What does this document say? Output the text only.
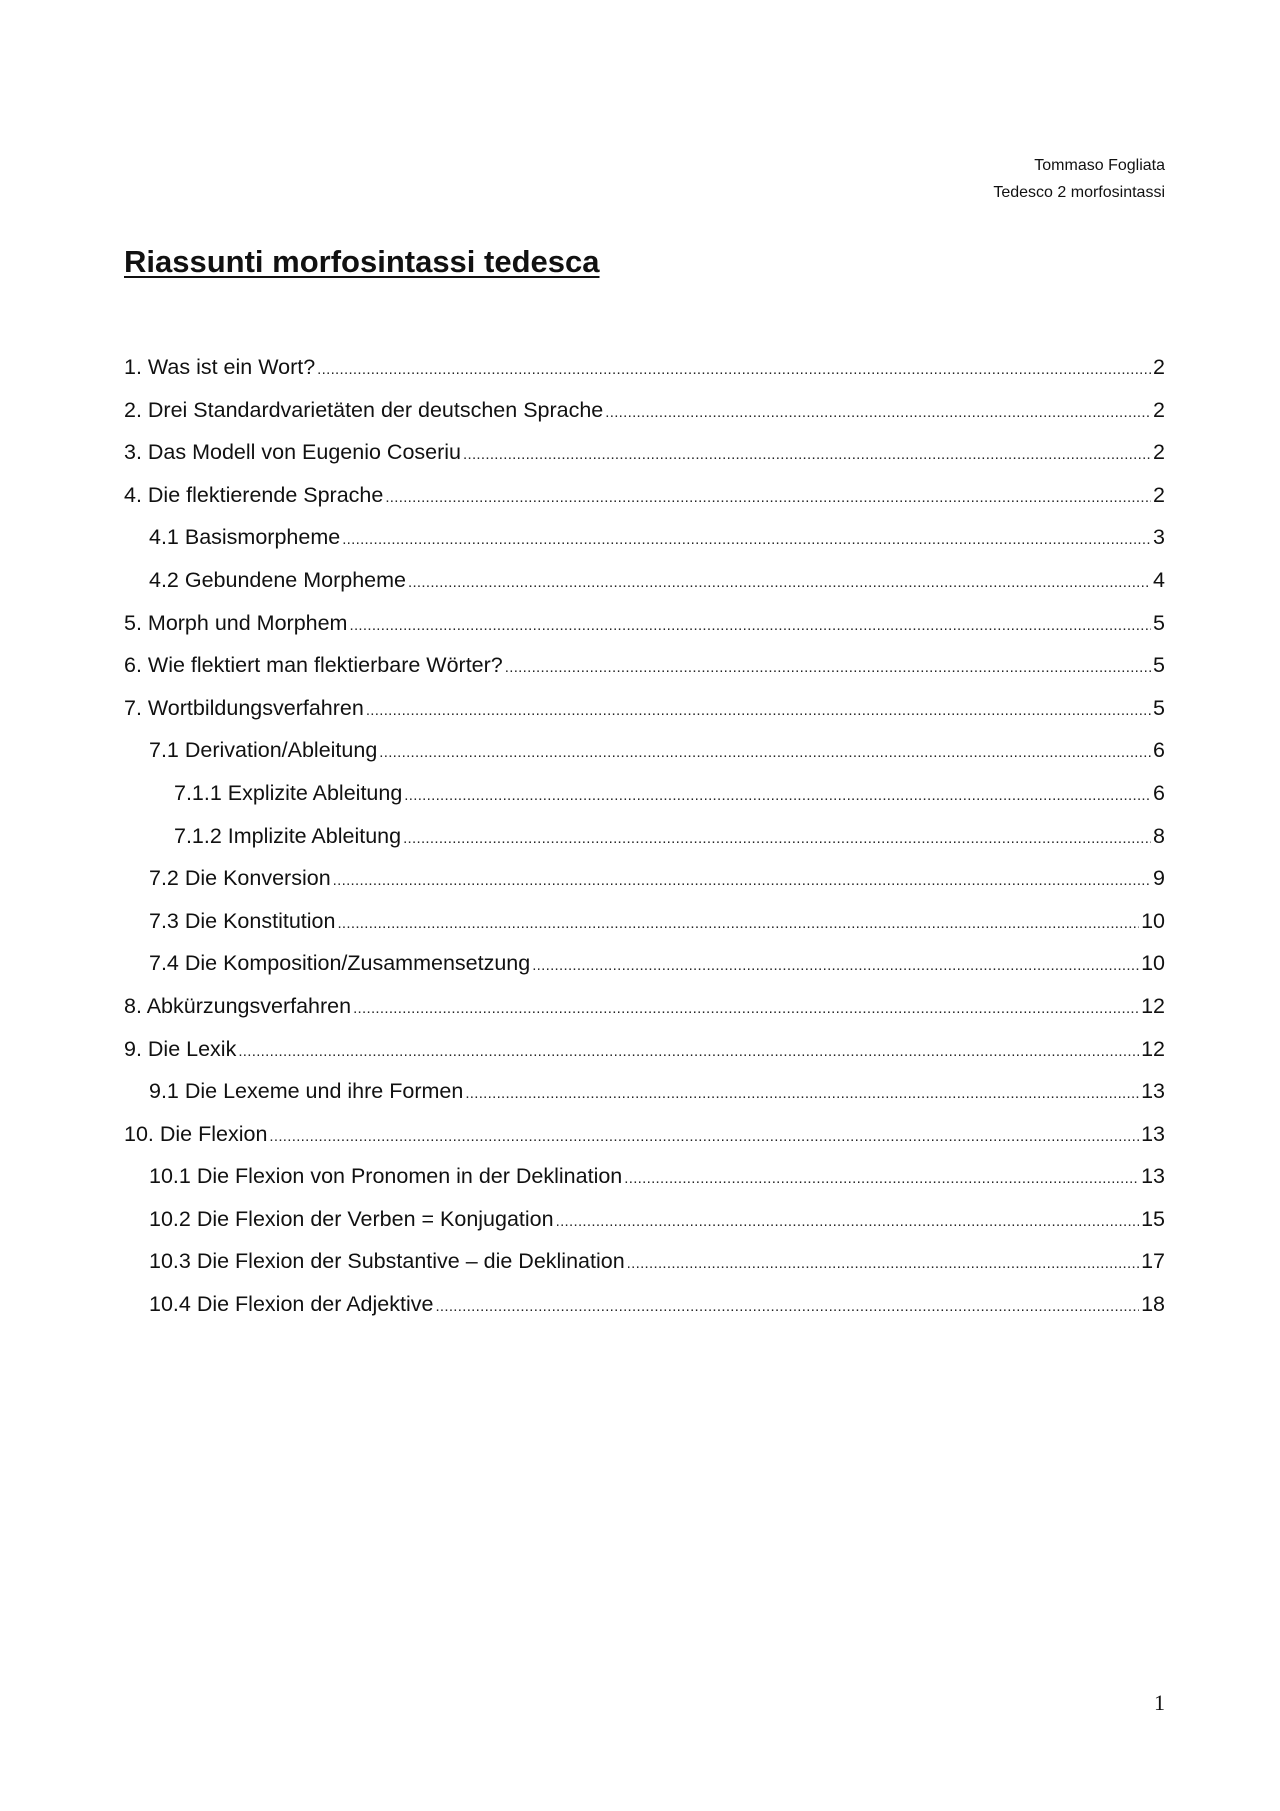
Tommaso Fogliata
Tedesco 2 morfosintassi
Riassunti morfosintassi tedesca
1. Was ist ein Wort? .....	2
2. Drei Standardvarietäten der deutschen Sprache .....	2
3. Das Modell von Eugenio Coseriu .....	2
4. Die flektierende Sprache .....	2
4.1 Basismorpheme .....	3
4.2 Gebundene Morpheme .....	4
5. Morph und Morphem .....	5
6. Wie flektiert man flektierbare Wörter? .....	5
7. Wortbildungsverfahren .....	5
7.1 Derivation/Ableitung .....	6
7.1.1 Explizite Ableitung .....	6
7.1.2 Implizite Ableitung .....	8
7.2 Die Konversion .....	9
7.3 Die Konstitution .....	10
7.4 Die Komposition/Zusammensetzung .....	10
8. Abkürzungsverfahren .....	12
9. Die Lexik .....	12
9.1 Die Lexeme und ihre Formen .....	13
10. Die Flexion .....	13
10.1 Die Flexion von Pronomen in der Deklination .....	13
10.2 Die Flexion der Verben = Konjugation .....	15
10.3 Die Flexion der Substantive – die Deklination .....	17
10.4 Die Flexion der Adjektive .....	18
1
